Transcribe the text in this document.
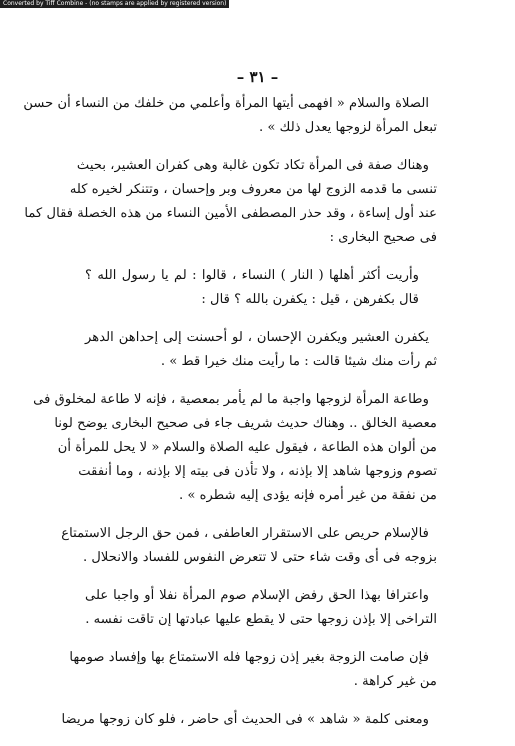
Converted by Tiff Combine - (no stamps are applied by registered version)
– ٣١ –
الصلاة والسلام « افهمى أيتها المرأة وأعلمي من خلفك من النساء أن حسن
تبعل المرأة لزوجها يعدل ذلك » .
وهناك صفة فى المرأة تكاد تكون غالبة وهى كفران العشير، بحيث
تنسى ما قدمه الزوج لها من معروف وبر وإحسان ، وتتنكر لخيره كله
عند أول إساءة ، وقد حذر المصطفى الأمين النساء من هذه الخصلة فقال كما
فى صحيح البخارى :
وأريت أكثر أهلها ( النار ) النساء ، قالوا : لم يا رسول الله ؟
قال بكفرهن ، قيل : يكفرن بالله ؟ قال :
يكفرن العشير ويكفرن الإحسان ، لو أحسنت إلى إحداهن الدهر
ثم رأت منك شيئا قالت : ما رأيت منك خيرا قط » .
وطاعة المرأة لزوجها واجبة ما لم يأمر بمعصية ، فإنه لا طاعة لمخلوق فى
معصية الخالق .. وهناك حديث شريف جاء فى صحيح البخارى يوضح لونا
من ألوان هذه الطاعة ، فيقول عليه الصلاة والسلام « لا يحل للمرأة أن
تصوم وزوجها شاهد إلا بإذنه ، ولا تأذن فى بيته إلا بإذنه ، وما أنفقت
من نفقة من غير أمره فإنه يؤدى إليه شطره » .
فالإسلام حريص على الاستقرار العاطفى ، فمن حق الرجل الاستمتاع
بزوجه فى أى وقت شاء حتى لا تتعرض النفوس للفساد والانحلال .
واعترافا بهذا الحق رفض الإسلام صوم المرأة نفلا أو واجبا على
التراخى إلا بإذن زوجها حتى لا يقطع عليها عبادتها إن تاقت نفسه .
فإن صامت الزوجة بغير إذن زوجها فله الاستمتاع بها وإفساد صومها
من غير كراهة .
ومعنى كلمة « شاهد » فى الحديث أى حاضر ، فلو كان زوجها مريضا
